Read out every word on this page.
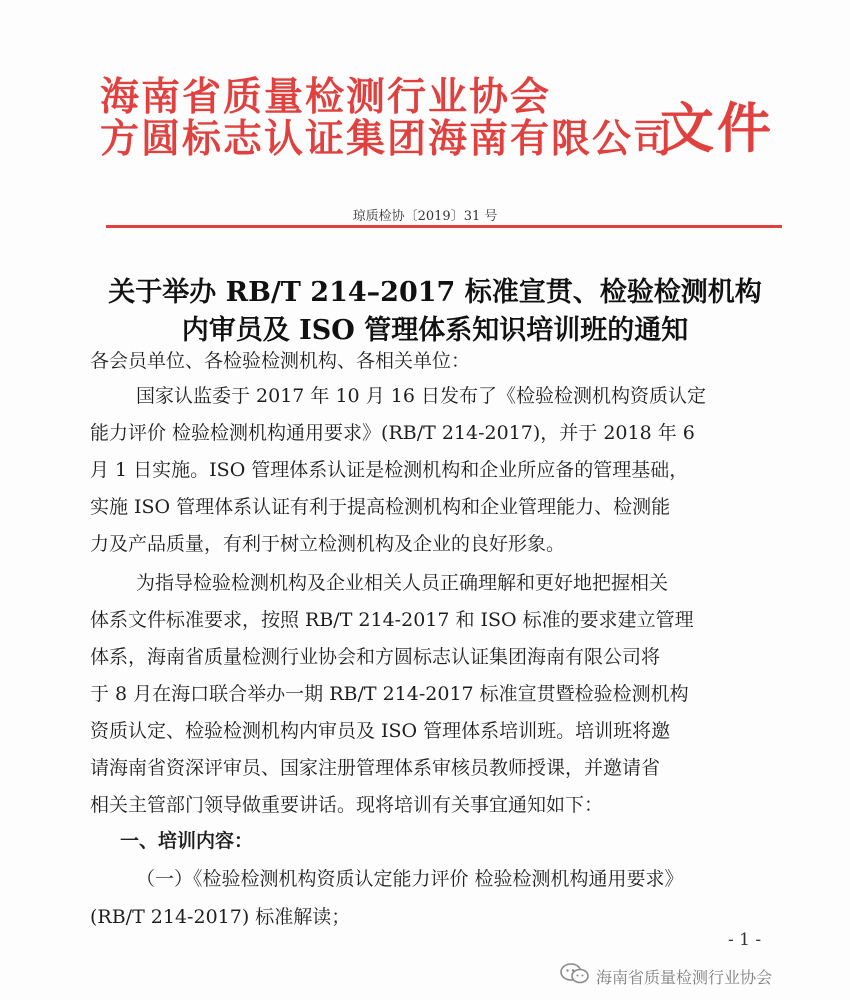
海南省质量检测行业协会
方圆标志认证集团海南有限公司
文件
琼质检协〔2019〕31 号
关于举办 RB/T 214–2017 标准宣贯、检验检测机构
内审员及 ISO 管理体系知识培训班的通知
各会员单位、各检验检测机构、各相关单位：
国家认监委于 2017 年 10 月 16 日发布了《检验检测机构资质认定
能力评价 检验检测机构通用要求》(RB/T 214-2017)，并于 2018 年 6
月 1 日实施。ISO 管理体系认证是检测机构和企业所应备的管理基础，
实施 ISO 管理体系认证有利于提高检测机构和企业管理能力、检测能
力及产品质量，有利于树立检测机构及企业的良好形象。
为指导检验检测机构及企业相关人员正确理解和更好地把握相关
体系文件标准要求，按照 RB/T 214-2017 和 ISO 标准的要求建立管理
体系，海南省质量检测行业协会和方圆标志认证集团海南有限公司将
于 8 月在海口联合举办一期 RB/T 214-2017 标准宣贯暨检验检测机构
资质认定、检验检测机构内审员及 ISO 管理体系培训班。培训班将邀
请海南省资深评审员、国家注册管理体系审核员教师授课，并邀请省
相关主管部门领导做重要讲话。现将培训有关事宜通知如下：
一、培训内容：
（一）《检验检测机构资质认定能力评价 检验检测机构通用要求》
(RB/T 214-2017) 标准解读；
- 1 -
海南省质量检测行业协会
